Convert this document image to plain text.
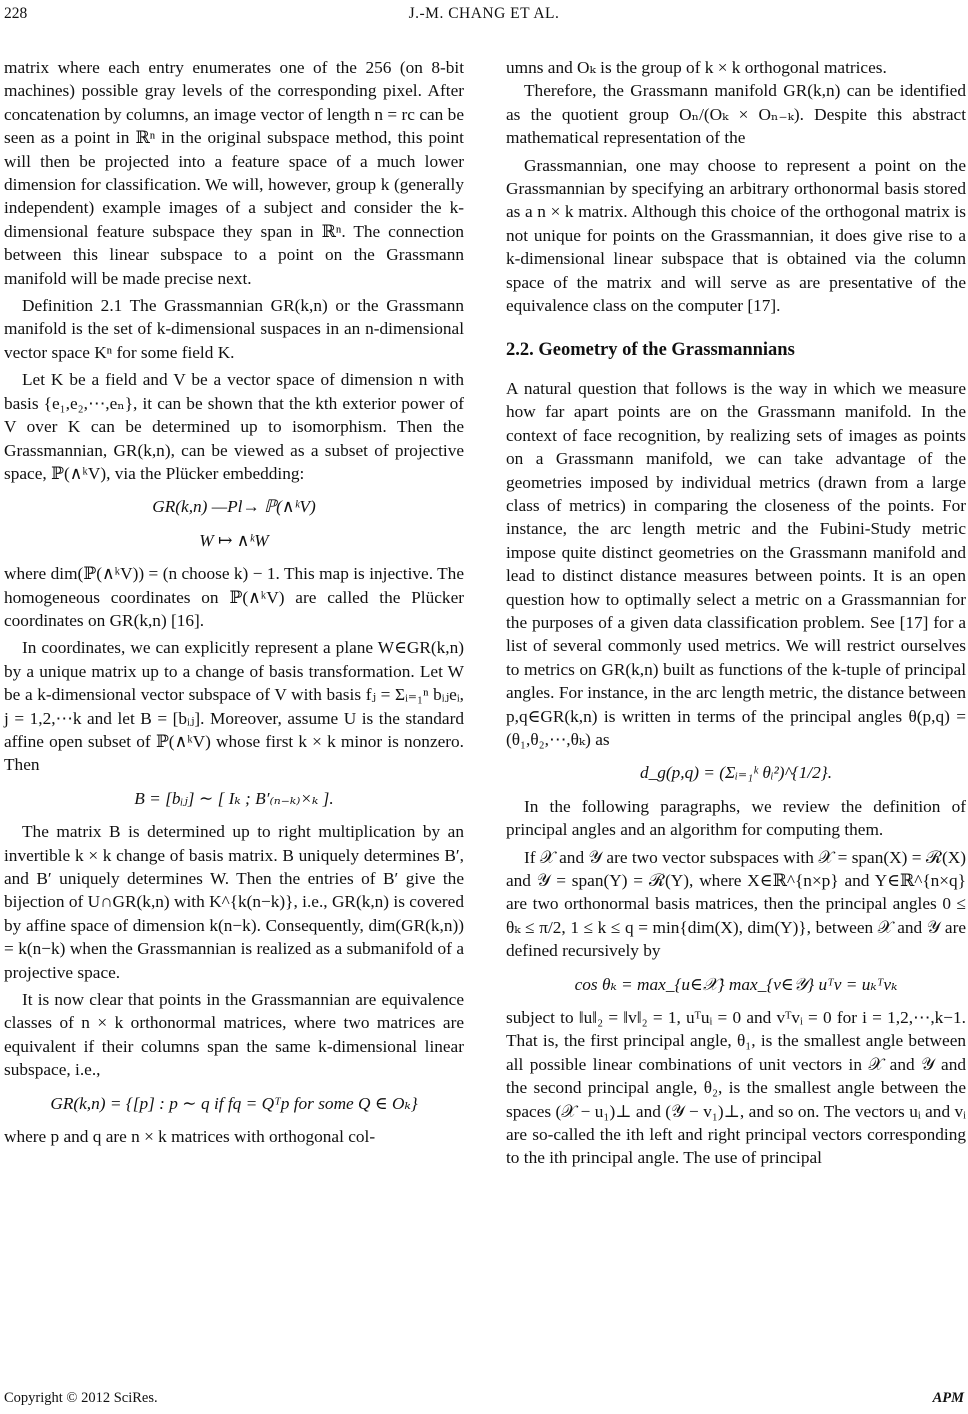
228	J.-M. CHANG ET AL.

matrix where each entry enumerates one of the 256 (on 8-bit machines) possible gray levels of the corresponding pixel. After concatenation by columns, an image vector of length n = rc can be seen as a point in ℝⁿ in the original subspace method, this point will then be projected into a feature space of a much lower dimension for classification. We will, however, group k (generally independent) example images of a subject and consider the k-dimensional feature subspace they span in ℝⁿ. The connection between this linear subspace to a point on the Grassmann manifold will be made precise next.

Definition 2.1 The Grassmannian GR(k,n) or the Grassmann manifold is the set of k-dimensional suspaces in an n-dimensional vector space Kⁿ for some field K.

Let K be a field and V be a vector space of dimension n with basis {e₁,e₂,⋯,eₙ}, it can be shown that the kth exterior power of V over K can be determined up to isomorphism. Then the Grassmannian, GR(k,n), can be viewed as a subset of projective space, ℙ(∧ᵏV), via the Plücker embedding:

GR(k,n) —Pl→ ℙ(∧ᵏV)

W ↦ ∧ᵏW

where dim(ℙ(∧ᵏV)) = (n choose k) − 1. This map is injective. The homogeneous coordinates on ℙ(∧ᵏV) are called the Plücker coordinates on GR(k,n) [16].

In coordinates, we can explicitly represent a plane W∈GR(k,n) by a unique matrix up to a change of basis transformation. Let W be a k-dimensional vector subspace of V with basis fⱼ = Σᵢ₌₁ⁿ bᵢⱼeᵢ, j = 1,2,⋯k and let B = [bᵢⱼ]. Moreover, assume U is the standard affine open subset of ℙ(∧ᵏV) whose first k × k minor is nonzero. Then

B = [bᵢⱼ] ∼ [ Iₖ ; B′₍ₙ₋ₖ₎×ₖ ].

The matrix B is determined up to right multiplication by an invertible k × k change of basis matrix. B uniquely determines B′, and B′ uniquely determines W. Then the entries of B′ give the bijection of U∩GR(k,n) with K^{k(n−k)}, i.e., GR(k,n) is covered by affine space of dimension k(n−k). Consequently, dim(GR(k,n)) = k(n−k) when the Grassmannian is realized as a submanifold of a projective space.

It is now clear that points in the Grassmannian are equivalence classes of n × k orthonormal matrices, where two matrices are equivalent if their columns span the same k-dimensional linear subspace, i.e.,

GR(k,n) = {[p] : p ∼ q if fq = Qᵀp for some Q ∈ Oₖ}

where p and q are n × k matrices with orthogonal col-

umns and Oₖ is the group of k × k orthogonal matrices.

Therefore, the Grassmann manifold GR(k,n) can be identified as the quotient group Oₙ/(Oₖ × Oₙ₋ₖ). Despite this abstract mathematical representation of the

Grassmannian, one may choose to represent a point on the Grassmannian by specifying an arbitrary orthonormal basis stored as a n × k matrix. Although this choice of the orthogonal matrix is not unique for points on the Grassmannian, it does give rise to a k-dimensional linear subspace that is obtained via the column space of the matrix and will serve as are presentative of the equivalence class on the computer [17].

2.2. Geometry of the Grassmannians

A natural question that follows is the way in which we measure how far apart points are on the Grassmann manifold. In the context of face recognition, by realizing sets of images as points on a Grassmann manifold, we can take advantage of the geometries imposed by individual metrics (drawn from a large class of metrics) in comparing the closeness of the points. For instance, the arc length metric and the Fubini-Study metric impose quite distinct geometries on the Grassmann manifold and lead to distinct distance measures between points. It is an open question how to optimally select a metric on a Grassmannian for the purposes of a given data classification problem. See [17] for a list of several commonly used metrics. We will restrict ourselves to metrics on GR(k,n) built as functions of the k-tuple of principal angles. For instance, in the arc length metric, the distance between p,q∈GR(k,n) is written in terms of the principal angles θ(p,q) = (θ₁,θ₂,⋯,θₖ) as

d_g(p,q) = (Σᵢ₌₁ᵏ θᵢ²)^{1/2}.

In the following paragraphs, we review the definition of principal angles and an algorithm for computing them.

If 𝒳 and 𝒴 are two vector subspaces with 𝒳 = span(X) = ℛ(X) and 𝒴 = span(Y) = ℛ(Y), where X∈ℝ^{n×p} and Y∈ℝ^{n×q} are two orthonormal basis matrices, then the principal angles 0 ≤ θₖ ≤ π/2, 1 ≤ k ≤ q = min{dim(X), dim(Y)}, between 𝒳 and 𝒴 are defined recursively by

cos θₖ = max_{u∈𝒳} max_{v∈𝒴} uᵀv = uₖᵀvₖ

subject to ‖u‖₂ = ‖v‖₂ = 1, uᵀuᵢ = 0 and vᵀvᵢ = 0 for i = 1,2,⋯,k−1. That is, the first principal angle, θ₁, is the smallest angle between all possible linear combinations of unit vectors in 𝒳 and 𝒴 and the second principal angle, θ₂, is the smallest angle between the spaces (𝒳 − u₁)⊥ and (𝒴 − v₁)⊥, and so on. The vectors uᵢ and vᵢ are so-called the ith left and right principal vectors corresponding to the ith principal angle. The use of principal

Copyright © 2012 SciRes.	APM
